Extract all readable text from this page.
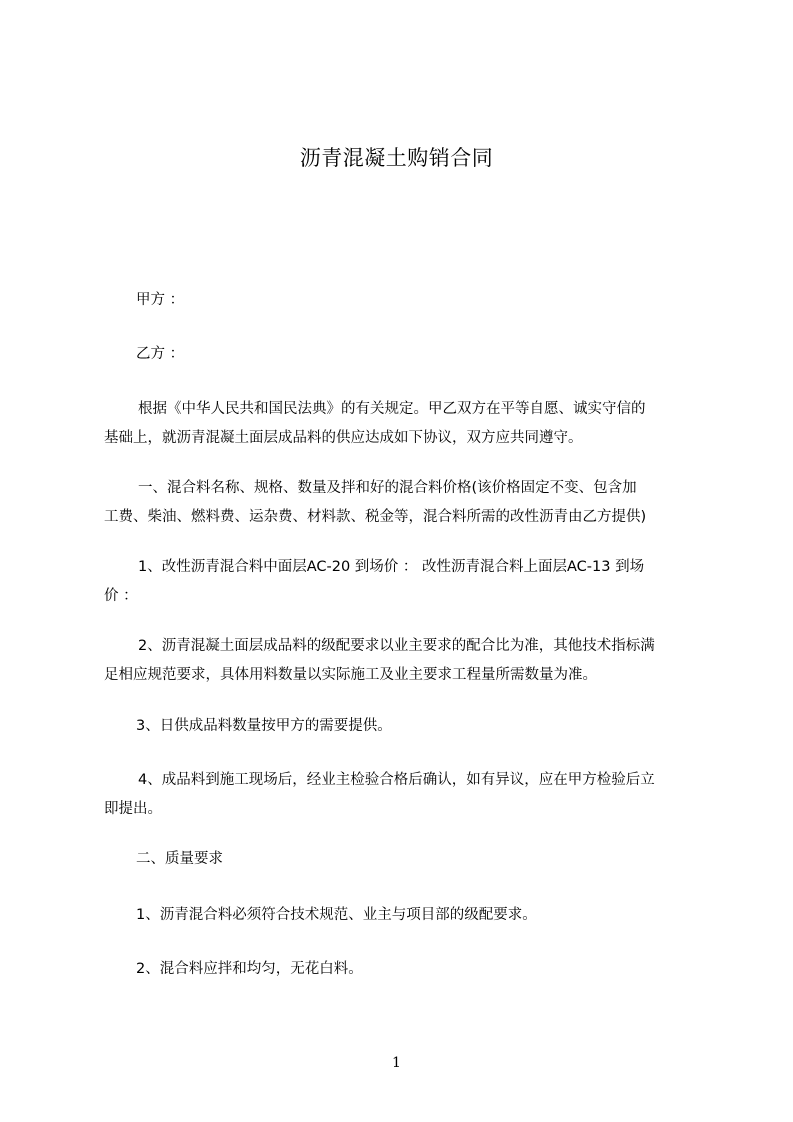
沥青混凝土购销合同

甲方 ：

乙方 ：

根据《中华人民共和国民法典》的有关规定。甲乙双方在平等自愿、诚实守信的
基础上，就沥青混凝土面层成品料的供应达成如下协议，双方应共同遵守。
一、混合料名称、规格、数量及拌和好的混合料价格(该价格固定不变、包含加
工费、柴油、燃料费、运杂费、材料款、税金等，混合料所需的改性沥青由乙方提供)
1、改性沥青混合料中面层AC-20 到场价 ： 改性沥青混合料上面层AC-13 到场
价 ：
2、沥青混凝土面层成品料的级配要求以业主要求的配合比为准，其他技术指标满
足相应规范要求，具体用料数量以实际施工及业主要求工程量所需数量为准。

3、日供成品料数量按甲方的需要提供。

4、成品料到施工现场后，经业主检验合格后确认，如有异议，应在甲方检验后立
即提出。

二、质量要求

1、沥青混合料必须符合技术规范、业主与项目部的级配要求。

2、混合料应拌和均匀，无花白料。

1
